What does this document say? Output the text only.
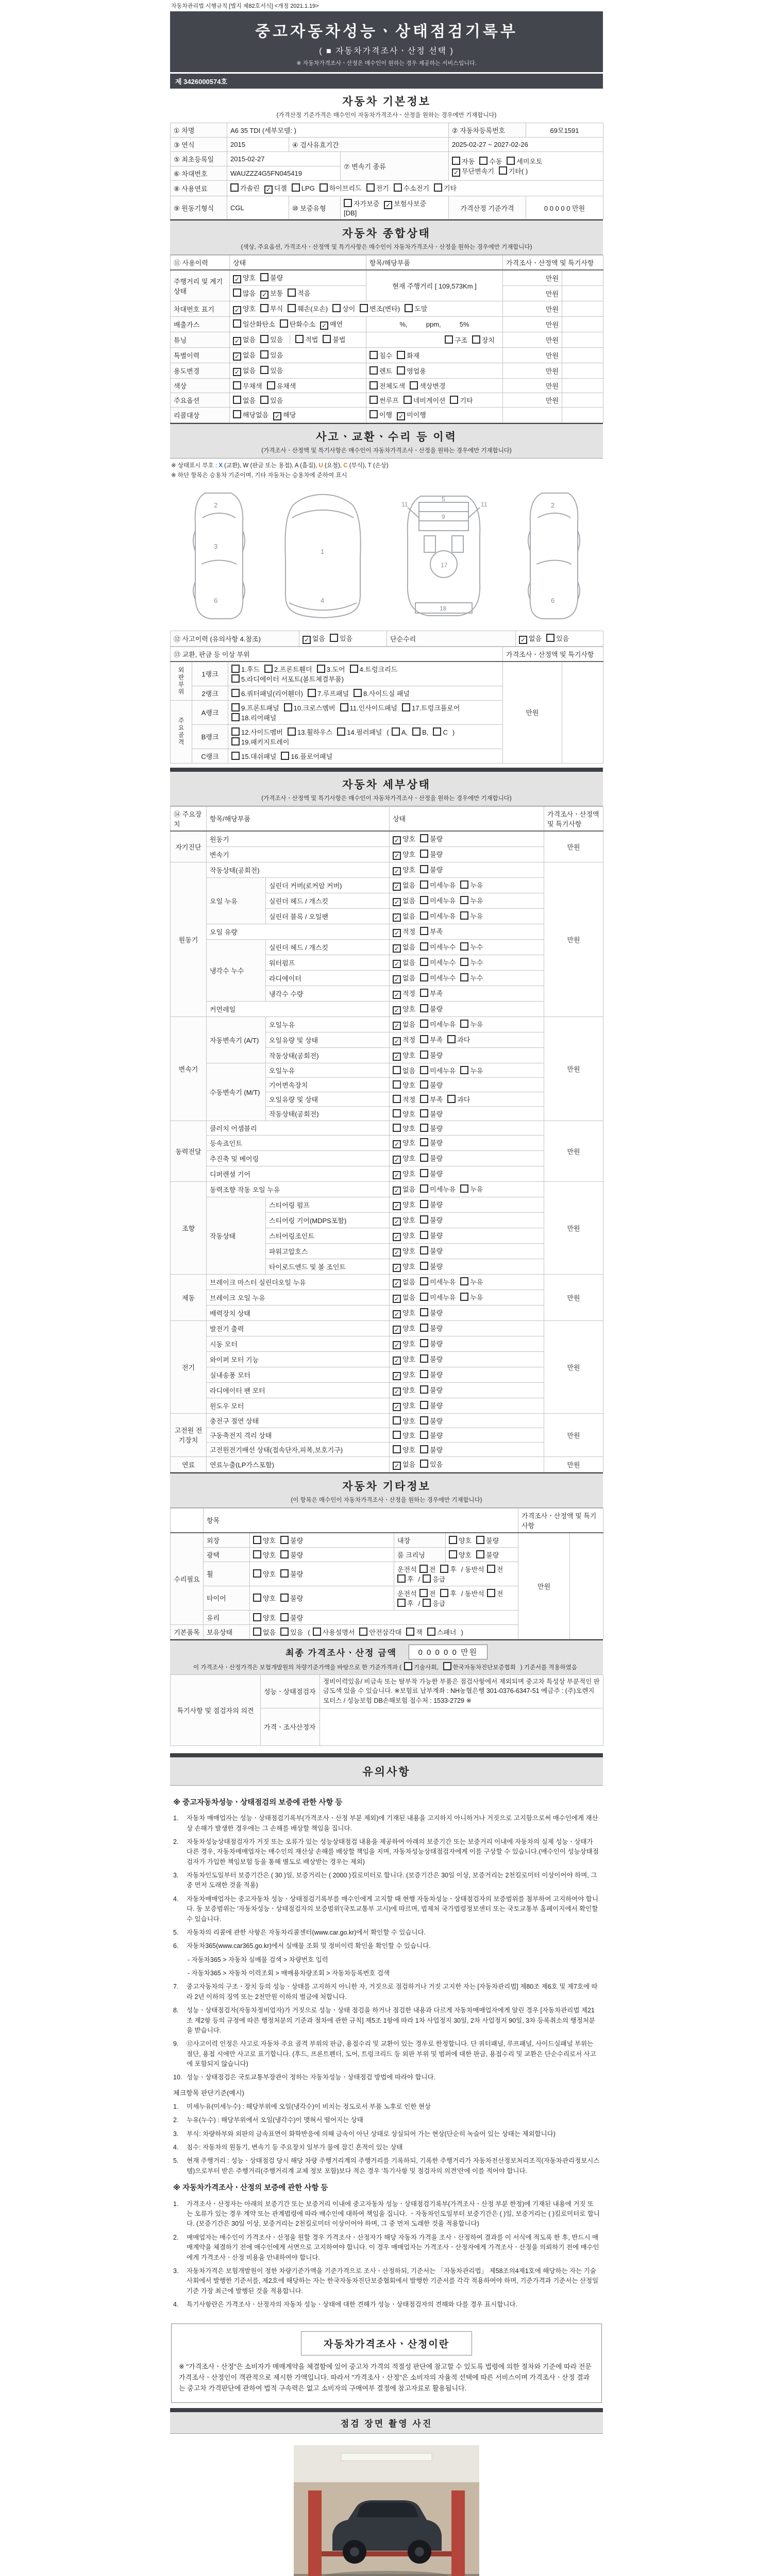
자동차관리법 시행규칙 [별지 제82호서식] <개정 2021.1.19>
중고자동차성능ㆍ상태점검기록부
( ■ 자동차가격조사ㆍ산정 선택 )
※ 자동차가격조사ㆍ산정은 매수인이 원하는 경우 제공하는 서비스입니다.
제 3426000574호
자동차 기본정보
(가격산정 기준가격은 매수인이 자동차가격조사ㆍ산정을 원하는 경우에만 기재합니다)
① 차명	A6 35 TDI (세부모델: )			② 자동차등록번호	69모1591
③ 연식	2015	④ 검사유효기간		2025-02-27 ~ 2027-02-26	
⑤ 최초등록일	2015-02-27		⑦ 변속기 종류	자동 수동 세미오토
✓ 무단변속기 기타( )	

⑥ 차대번호	WAUZZZ4G5FN045419				
⑧ 사용연료	가솔린 ✓ 디젤 LPG 하이브리드 전기 수소전기 기타				
⑨ 원동기형식	CGL	⑩ 보증유형	자가보증 ✓ 보험사보증[DB]	가격산정 기준가격	0 0 0 0 0 만원
자동차 종합상태
(색상, 주요옵션, 가격조사ㆍ산정액 및 특기사항은 매수인이 자동차가격조사ㆍ산정을 원하는 경우에만 기재합니다)
⑪ 사용이력	상태	항목/해당부품	가격조사ㆍ산정액 및 특기사항	
주행거리 및 계기상태	✓ 양호 불량	현재 주행거리 [ 109,573Km ]	만원	
	많음 ✓ 보통 적음		만원	
차대번호 표기	✓ 양호 부식 훼손(오손) 상이 변조(변타) 도말		만원	
배출가스	일산화탄소 탄화수소 ✓ 매연	%,          ppm,          5%	만원	
튜닝	✓ 없음 있음 적법 불법	구조 장치	만원	
특별이력	✓ 없음 있음	침수 화재	만원	
용도변경	✓ 없음 있음	렌트 영업용	만원	
색상	무채색 유채색	전체도색 색상변경	만원	
주요옵션	없음 있음	썬루프 네비게이션 기타	만원	
리콜대상	해당없음 ✓ 해당	이행 ✓ 미이행		
사고ㆍ교환ㆍ수리 등 이력
(가격조사ㆍ산정액 및 특기사항은 매수인이 자동차가격조사ㆍ산정을 원하는 경우에만 기재합니다)
※ 상태표시 부호 : X (교환), W (판금 또는 용접), A (흠집), U (요철), C (부식), T (손상)
※ 하단 항목은 승용차 기준이며, 기타 자동차는 승용차에 준하여 표시
2
3
6
1
4
11	11
5
9
17
18
2
6
⑫ 사고이력 (유의사항 4.참조)	✓ 없음 있음	단순수리	✓ 없음 있음
⑬ 교환, 판금 등 이상 부위			가격조사ㆍ산정액 및 특기사항	
외판부위	1랭크	1.후드 2.프론트휀더 3.도어 4.트렁크리드5.라디에이터 서포트(볼트체결부품)	만원	
	2랭크	6.쿼터패널(리어휀더) 7.루프패널 8.사이드실 패널		
주요골격	A랭크	9.프론트패널 10.크로스멤버 11.인사이드패널 17.트렁크플로어18.리어패널		
	B랭크	12.사이드멤버 13.휠하우스 14.필러패널 ( A, B, C )19.패키지트레이		
	C랭크	15.대쉬패널 16.플로어패널		
자동차 세부상태
(가격조사ㆍ산정액 및 특기사항은 매수인이 자동차가격조사ㆍ산정을 원하는 경우에만 기재합니다)
⑭ 주요장치	항목/해당부품		상태	가격조사ㆍ산정액 및 특기사항
자기진단	원동기		✓ 양호 불량	만원
	변속기		✓ 양호 불량	
원동기	작동상태(공회전)		✓ 양호 불량	만원
	오일 누유	실린더 커버(로커암 커버)	✓ 없음 미세누유 누유	
		실린더 헤드 / 개스킷	✓ 없음 미세누유 누유	
		실린더 블록 / 오일팬	✓ 없음 미세누유 누유	
	오일 유량		✓ 적정 부족	
	냉각수 누수	실린더 헤드 / 개스킷	✓ 없음 미세누수 누수	
		워터펌프	✓ 없음 미세누수 누수	
		라디에이터	✓ 없음 미세누수 누수	
		냉각수 수량	✓ 적정 부족	
	커먼레일		✓ 양호 불량	
변속기	자동변속기 (A/T)	오일누유	✓ 없음 미세누유 누유	만원
		오일유량 및 상태	✓ 적정 부족 과다	
		작동상태(공회전)	✓ 양호 불량	
	수동변속기 (M/T)	오일누유	없음 미세누유 누유	
		기어변속장치	양호 불량	
		오일유량 및 상태	적정 부족 과다	
		작동상태(공회전)	양호 불량	
동력전달	클러치 어셈블리		양호 불량	만원
	등속죠인트		✓ 양호 불량	
	추진축 및 베어링		✓ 양호 불량	
	디퍼렌셜 기어		✓ 양호 불량	
조향	동력조향 작동 오일 누유		✓ 없음 미세누유 누유	만원
	작동상태	스티어링 펌프	✓ 양호 불량	
		스티어링 기어(MDPS포함)	✓ 양호 불량	
		스티어링조인트	✓ 양호 불량	
		파워고압호스	✓ 양호 불량	
		타이로드엔드 및 볼 조인트	✓ 양호 불량	
제동	브레이크 마스터 실린더오일 누유		✓ 없음 미세누유 누유	만원
	브레이크 오일 누유		✓ 없음 미세누유 누유	
	배력장치 상태		✓ 양호 불량	
전기	발전기 출력		✓ 양호 불량	만원
	시동 모터		✓ 양호 불량	
	와이퍼 모터 기능		✓ 양호 불량	
	실내송풍 모터		✓ 양호 불량	
	라디에이터 팬 모터		✓ 양호 불량	
	윈도우 모터		✓ 양호 불량	
고전원 전기장치	충전구 절연 상태		양호 불량	만원
	구동축전지 격리 상태		양호 불량	
	고전원전기배선 상태(접속단자,피복,보호기구)		양호 불량	
연료	연료누출(LP가스포함)		✓ 없음 있음	만원
자동차 기타정보
(이 항목은 매수인이 자동차가격조사ㆍ산정을 원하는 경우에만 기재합니다)
	항목				가격조사ㆍ산정액 및 특기사항	
수리필요	외장	양호 불량	내장	양호 불량	만원	
	광택	양호 불량	룸 크리닝	양호 불량		
	휠	양호 불량	운전석 전 후 / 동반석 전후 / 응급			
	타이어	양호 불량	운전석 전 후 / 동반석 전후 / 응급			
	유리	양호 불량				
기본품목	보유상태	없음 있음( 사용설명서 안전삼각대 잭 스패너 )				
최종 가격조사ㆍ산정 금액	0 0 0 0 0 만원
이 가격조사ㆍ산정가격은 보험개발원의 차량기준가액을 바탕으로 한 기준가격과 ( 기술사회, 한국자동차진단보증협회 ) 기준서를 적용하였음
특기사항 및 점검자의 의견	성능ㆍ상태점검자	정비이력있음/ 비금속 또는 탈부착 가능한 부품은 점검사항에서 제외되며 중고차 특성상 부분적인 판금도색 있을 수 있습니다. ※보험료 납부계좌 : NH농협은행 301-0376-6347-51 예금주 : (주)오렌지모터스 / 성능보험 DB손해보험 접수처 : 1533-2729 ※
	가격ㆍ조사산정자	
유의사항
※ 중고자동차성능ㆍ상태점검의 보증에 관한 사항 등
1.	자동차 매매업자는 성능ㆍ상태점검기록부(가격조사ㆍ산정 부분 제외)에 기재된 내용을 고지하지 아니하거나 거짓으로 고지함으로써 매수인에게 재산상 손해가 발생한 경우에는 그 손해를 배상할 책임을 집니다.
2.	자동차성능상태점검자가 거짓 또는 오류가 있는 성능상태점검 내용을 제공하여 아래의 보증기간 또는 보증거리 이내에 자동차의 실제 성능ㆍ상태가 다른 경우, 자동차매매업자는 매수인의 재산상 손해를 배상할 책임을 지며, 자동차성능상태점검자에게 이를 구상할 수 있습니다.(매수인이 성능상태점검자가 가입한 책임보험 등을 통해 별도로 배상받는 경우는 제외)
3.	자동차인도일부터 보증기간은 ( 30 )일, 보증거리는 ( 2000 )킬로미터로 합니다. (보증기간은 30일 이상, 보증거리는 2천킬로미터 이상이어야 하며, 그 중 먼저 도래한 것을 적용)
4.	자동차매매업자는 중고자동차 성능ㆍ상태점검기록부를 매수인에게 고지할 때 현행 자동차성능ㆍ상태점검자의 보증범위를 첨부하여 고지하여야 합니다. 동 보증범위는 '자동차성능ㆍ상태점검자의 보증범위'(국토교통부 고시)에 따르며, 법제처 국가법령정보센터 또는 국토교통부 홈페이지에서 확인할 수 있습니다.
5.	자동차의 리콜에 관한 사항은 자동차리콜센터(www.car.go.kr)에서 확인할 수 있습니다.
6.	자동차365(www.car365.go.kr)에서 실매물 조회 및 정비이력 확인을 확인할 수 있습니다.
- 자동차365 > 자동차 실매물 검색 > 차량번호 입력
- 자동차365 > 자동차 이력조회 > 매매용차량조회 > 자동차등록번호 검색
7.	중고자동차의 구조ㆍ장치 등의 성능ㆍ상태를 고지하지 아니한 자, 거짓으로 점검하거나 거짓 고지한 자는 [자동차관리법] 제80조 제6호 및 제7호에 따라 2년 이하의 징역 또는 2천만원 이하의 벌금에 처합니다.
8.	성능ㆍ상태점검자(자동차정비업자)가 거짓으로 성능ㆍ상태 점검을 하거나 점검한 내용과 다르게 자동차매매업자에게 알린 경우 [자동차관리법 제21조 제2항 등의 규정에 따른 행정처분의 기준과 절차에 관한 규칙] 제5조 1항에 따라 1차 사업정지 30일, 2차 사업정지 90일, 3차 등록취소의 행정처분을 받습니다.
9.	⑫사고이력 인정은 사고로 자동차 주요 골격 부위의 판금, 용접수리 및 교환이 있는 경우로 한정합니다. 단 쿼터패널, 루프패널, 사이드실패널 부위는 절단, 용접 시에만 사고로 표기합니다. (후드, 프론트펜더, 도어, 트렁크리드 등 외판 부위 및 범퍼에 대한 판금, 용접수리 및 교환은 단순수리로서 사고에 포함되지 않습니다)
10. 성능ㆍ상태점검은 국토교통부장관이 정하는 자동차성능ㆍ상태점검 방법에 따라야 합니다.
체크항목 판단기준(예시)
1.	미세누유(미세누수) : 해당부위에 오일(냉각수)이 비치는 정도로서 부품 노후로 인한 현상
2.	누유(누수) : 해당부위에서 오일(냉각수)이 맺혀서 떨어지는 상태
3.	부식: 차량하부와 외판의 금속표면이 화학반응에 의해 금속이 아닌 상태로 상실되어 가는 현상(단순히 녹슬어 있는 상태는 제외합니다)
4.	침수: 자동차의 원동기, 변속기 등 주요장치 일부가 물에 잠긴 흔적이 있는 상태
5.	현재 주행거리 : 성능ㆍ상태점검 당시 해당 차량 주행거리계의 주행거리를 기록하되, 기록한 주행거리가 자동차전산정보처리조직(자동차관리정보시스템)으로부터 받은 주행거리(주행거리계 교체 정보 포함)보다 적은 경우 '특기사항 및 점검자의 의견'란에 이를 적어야 합니다.
※ 자동차가격조사ㆍ산정의 보증에 관한 사항 등
1.	가격조사ㆍ산정자는 아래의 보증기간 또는 보증거리 이내에 중고자동차 성능ㆍ상태점검기록부(가격조사ㆍ산정 부분 한정)에 기재된 내용에 거짓 또는 오류가 있는 경우 계약 또는 관계법령에 따라 매수인에 대하여 책임을 집니다. ㆍ자동차인도일부터 보증기간은 ( )일, 보증거리는 ( )킬로미터로 합니다. (보증기간은 30일 이상, 보증거리는 2천킬로미터 이상이어야 하며, 그 중 먼저 도래한 것을 적용합니다)
2.	매매업자는 매수인이 가격조사ㆍ산정을 원할 경우 가격조사ㆍ산정자가 해당 자동차 가격을 조사ㆍ산정하여 결과를 이 서식에 적도록 한 후, 반드시 매매계약을 체결하기 전에 매수인에게 서면으로 고지하여야 합니다. 이 경우 매매업자는 가격조사ㆍ산정자에게 가격조사ㆍ산정을 의뢰하기 전에 매수인에게 가격조사ㆍ산정 비용을 안내하여야 합니다.
3.	자동차가격은 보험개발원이 정한 차량기준가액을 기준가격으로 조사ㆍ산정하되, 기준서는 「자동차관리법」 제58조의4제1호에 해당하는 자는 기술사회에서 발행한 기준서를, 제2호에 해당하는 자는 한국자동차진단보증협회에서 발행한 기준서를 각각 적용하여야 하며, 기준가격과 기준서는 산정일 기준 가장 최근에 발행된 것을 적용합니다.
4.	특기사항란은 가격조사ㆍ산정자의 자동차 성능ㆍ상태에 대한 견해가 성능ㆍ상태점검자의 견해와 다를 경우 표시합니다.
자동차가격조사ㆍ산정이란
※ "가격조사ㆍ산정"은 소비자가 매매계약을 체결함에 있어 중고차 가격의 적절성 판단에 참고할 수 있도록 법령에 의한 절차와 기준에 따라 전문 가격조사ㆍ산정인이 객관적으로 제시한 가액입니다. 따라서 "가격조사ㆍ산정"은 소비자의 자율적 선택에 따른 서비스이며 가격조사ㆍ산정 결과는 중고차 가격판단에 관하여 법적 구속력은 없고 소비자의 구매여부 결정에 참고자료로 활용됩니다.
점검 장면 촬영 사진
